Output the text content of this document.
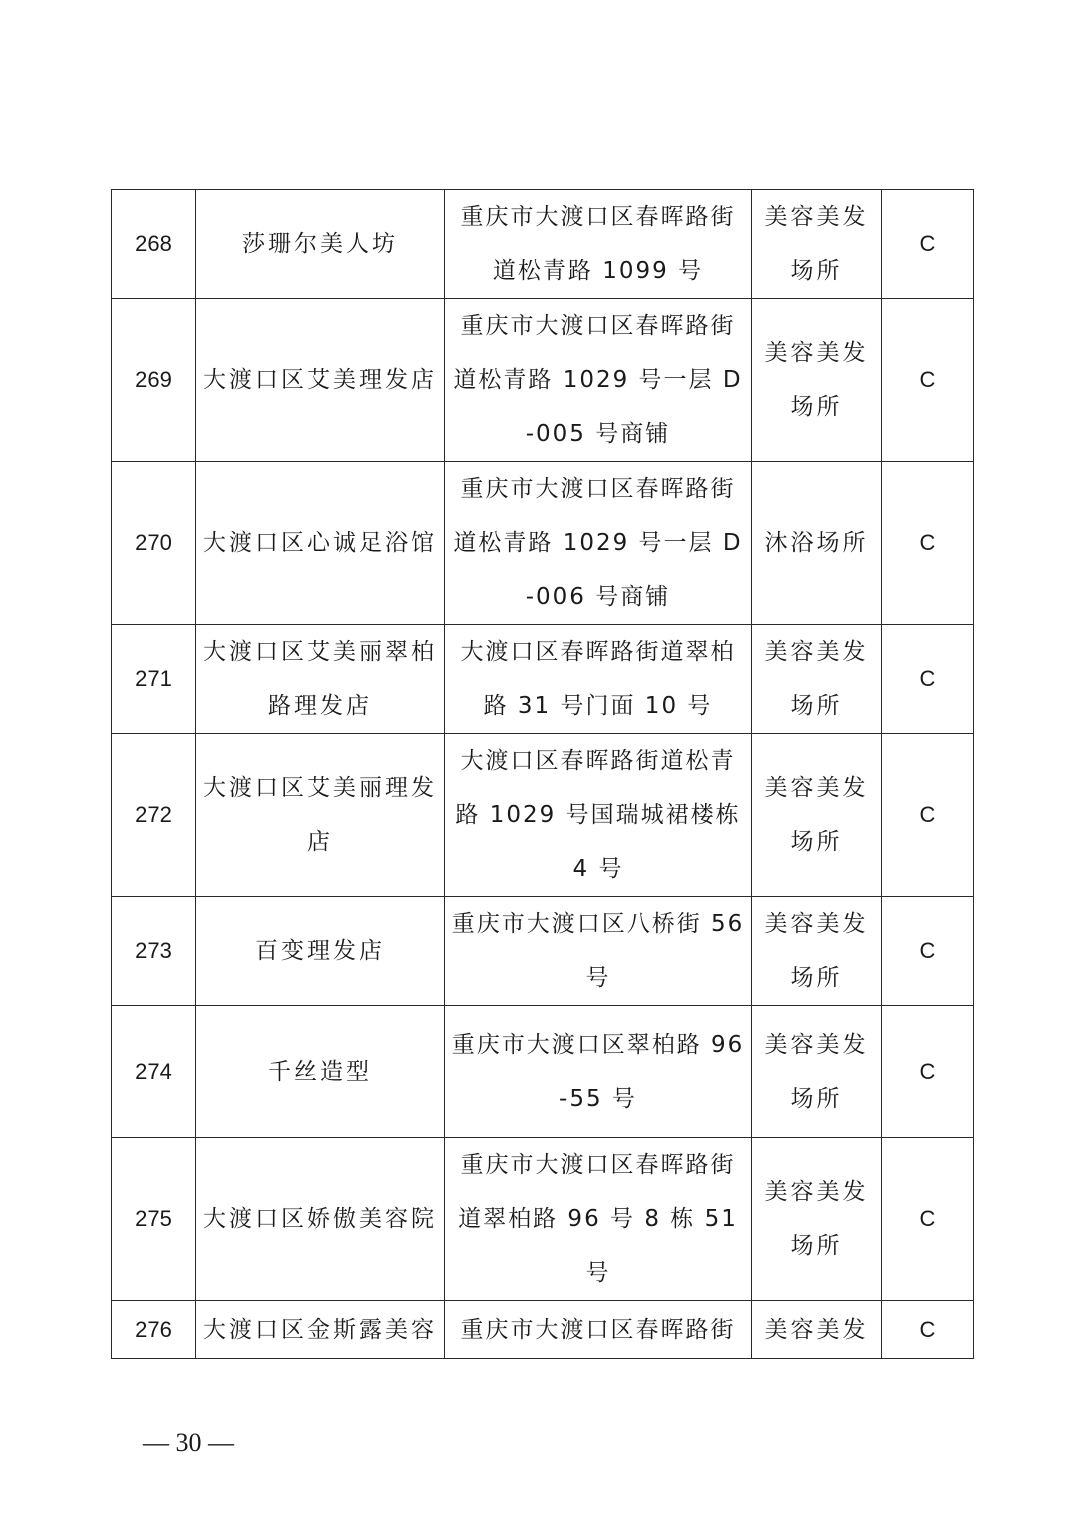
268	莎珊尔美人坊	重庆市大渡口区春晖路街道松青路 1099 号	美容美发场所	C
269	大渡口区艾美理发店	重庆市大渡口区春晖路街道松青路 1029 号一层 D-005 号商铺	美容美发场所	C
270	大渡口区心诚足浴馆	重庆市大渡口区春晖路街道松青路 1029 号一层 D-006 号商铺	沐浴场所	C
271	大渡口区艾美丽翠柏路理发店	大渡口区春晖路街道翠柏路 31 号门面 10 号	美容美发场所	C
272	大渡口区艾美丽理发店	大渡口区春晖路街道松青路 1029 号国瑞城裙楼栋 4 号	美容美发场所	C
273	百变理发店	重庆市大渡口区八桥街 56 号	美容美发场所	C
274	千丝造型	重庆市大渡口区翠柏路 96-55 号	美容美发场所	C
275	大渡口区娇傲美容院	重庆市大渡口区春晖路街道翠柏路 96 号 8 栋 51 号	美容美发场所	C
276	大渡口区金斯露美容	重庆市大渡口区春晖路街	美容美发	C
— 30 —
